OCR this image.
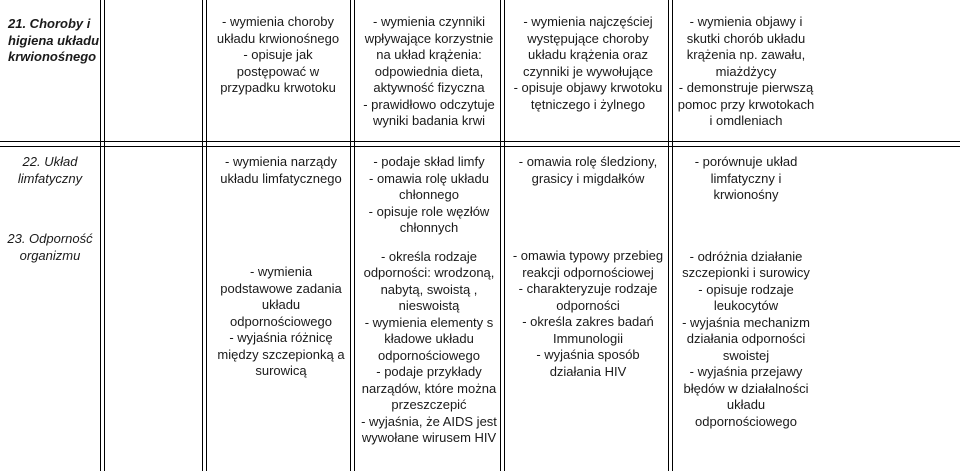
21. Choroby i
higiena układu
krwionośnego
- wymienia choroby
układu krwionośnego
- opisuje jak
postępować w
przypadku krwotoku
- wymienia czynniki
wpływające korzystnie
na układ krążenia:
odpowiednia dieta,
aktywność fizyczna
- prawidłowo odczytuje
wyniki badania krwi
- wymienia najczęściej
występujące choroby
układu krążenia oraz
czynniki je wywołujące
- opisuje objawy krwotoku
tętniczego i żylnego
- wymienia objawy i
skutki chorób układu
krążenia np. zawału,
miażdżycy
- demonstruje pierwszą
pomoc przy krwotokach
i omdleniach
22. Układ
limfatyczny
23. Odporność
organizmu
- wymienia narządy
układu limfatycznego
- wymienia
podstawowe zadania
układu
odpornościowego
- wyjaśnia różnicę
między szczepionką a
surowicą
- podaje skład limfy
- omawia rolę układu
chłonnego
- opisuje role węzłów
chłonnych
- określa rodzaje
odporności: wrodzoną,
nabytą, swoistą ,
nieswoistą
- wymienia elementy s
kładowe układu
odpornościowego
- podaje przykłady
narządów, które można
przeszczepić
- wyjaśnia, że AIDS jest
wywołane wirusem HIV
- omawia rolę śledziony,
grasicy i migdałków
- omawia typowy przebieg
reakcji odpornościowej
- charakteryzuje rodzaje
odporności
- określa zakres badań
Immunologii
- wyjaśnia sposób
działania HIV
- porównuje układ
limfatyczny i
krwionośny
- odróżnia działanie
szczepionki i surowicy
- opisuje rodzaje
leukocytów
- wyjaśnia mechanizm
działania odporności
swoistej
- wyjaśnia przejawy
błędów w działalności
układu
odpornościowego
